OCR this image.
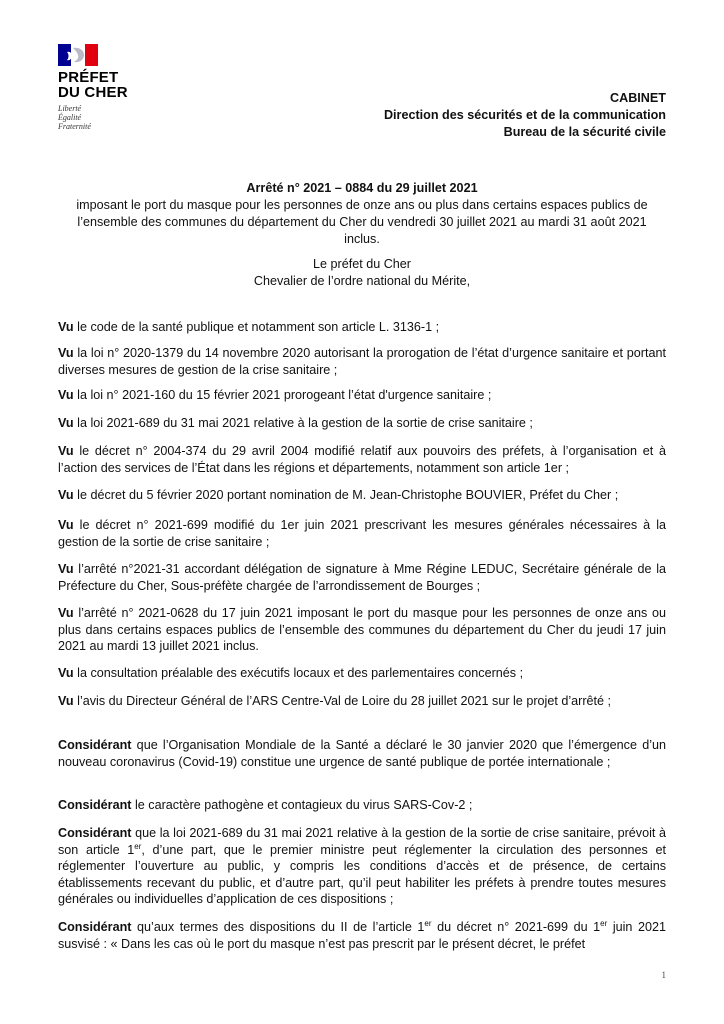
PRÉFET
DU CHER
Liberté
Égalité
Fraternité
CABINET
Direction des sécurités et de la communication
Bureau de la sécurité civile
Arrêté n° 2021 – 0884 du 29 juillet 2021
imposant le port du masque pour les personnes de onze ans ou plus dans certains espaces publics de l’ensemble des communes du département du Cher du vendredi 30 juillet 2021 au mardi 31 août 2021 inclus.
Le préfet du Cher
Chevalier de l’ordre national du Mérite,
Vu le code de la santé publique et notamment son article L. 3136-1 ;
Vu la loi n° 2020-1379 du 14 novembre 2020 autorisant la prorogation de l’état d’urgence sanitaire et portant diverses mesures de gestion de la crise sanitaire ;
Vu la loi n° 2021-160 du 15 février 2021 prorogeant l’état d'urgence sanitaire ;
Vu la loi 2021-689 du 31 mai 2021 relative à la gestion de la sortie de crise sanitaire ;
Vu le décret n° 2004-374 du 29 avril 2004 modifié relatif aux pouvoirs des préfets, à l’organisation et à l’action des services de l’État dans les régions et départements, notamment son article 1er ;
Vu le décret du 5 février 2020 portant nomination de M. Jean-Christophe BOUVIER, Préfet du Cher ;
Vu le décret n° 2021-699 modifié du 1er juin 2021 prescrivant les mesures générales nécessaires à la gestion de la sortie de crise sanitaire ;
Vu l’arrêté n°2021-31 accordant délégation de signature à Mme Régine LEDUC, Secrétaire générale de la Préfecture du Cher, Sous-préfète chargée de l’arrondissement de Bourges ;
Vu l’arrêté n° 2021-0628 du 17 juin 2021 imposant le port du masque pour les personnes de onze ans ou plus dans certains espaces publics de l’ensemble des communes du département du Cher du jeudi 17 juin 2021 au mardi 13 juillet 2021 inclus.
Vu la consultation préalable des exécutifs locaux et des parlementaires concernés ;
Vu l’avis du Directeur Général de l’ARS Centre-Val de Loire du 28 juillet 2021 sur le projet d’arrêté ;
Considérant que l’Organisation Mondiale de la Santé a déclaré le 30 janvier 2020 que l’émergence d’un nouveau coronavirus (Covid-19) constitue une urgence de santé publique de portée internationale ;
Considérant le caractère pathogène et contagieux du virus SARS-Cov-2 ;
Considérant que la loi 2021-689 du 31 mai 2021 relative à la gestion de la sortie de crise sanitaire, prévoit à son article 1er, d’une part, que le premier ministre peut réglementer la circulation des personnes et réglementer l’ouverture au public, y compris les conditions d’accès et de présence, de certains établissements recevant du public, et d’autre part, qu’il peut habiliter les préfets à prendre toutes mesures générales ou individuelles d’application de ces dispositions ;
Considérant qu’aux termes des dispositions du II de l’article 1er du décret n° 2021-699 du 1er juin 2021 susvisé : « Dans les cas où le port du masque n’est pas prescrit par le présent décret, le préfet
1
